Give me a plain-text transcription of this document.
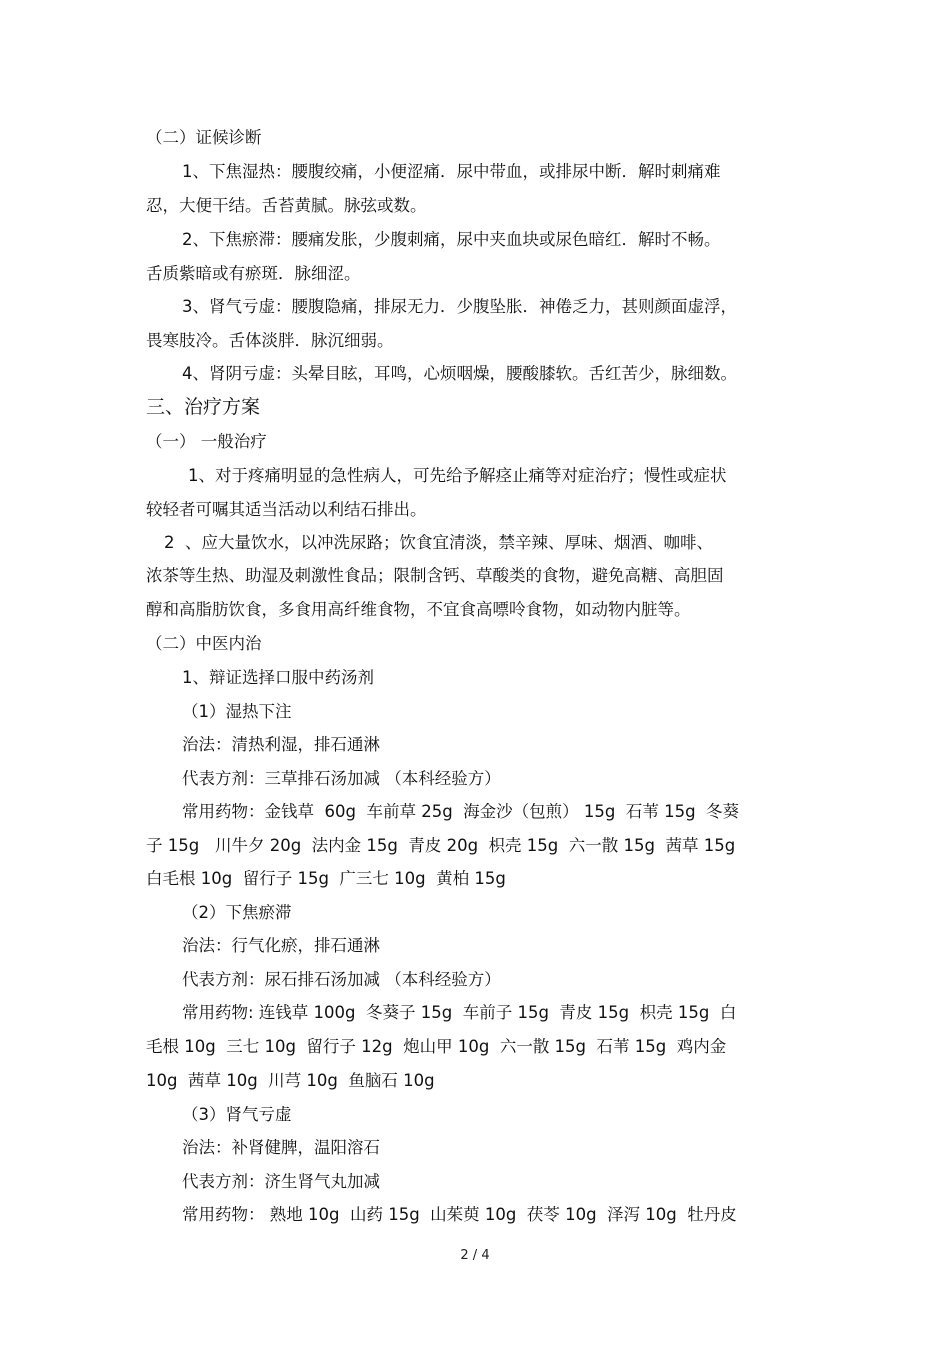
（二）证候诊断
1、下焦湿热：腰腹绞痛，小便涩痛．尿中带血，或排尿中断．解时刺痛难
忍，大便干结。舌苔黄腻。脉弦或数。
2、下焦瘀滞：腰痛发胀，少腹刺痛，尿中夹血块或尿色暗红．解时不畅。
舌质紫暗或有瘀斑．脉细涩。
3、肾气亏虚：腰腹隐痛，排尿无力．少腹坠胀．神倦乏力，甚则颜面虚浮，
畏寒肢冷。舌体淡胖．脉沉细弱。
4、肾阴亏虚：头晕目眩，耳鸣，心烦咽燥，腰酸膝软。舌红苦少，脉细数。
三、治疗方案
（一） 一般治疗
1、对于疼痛明显的急性病人，可先给予解痉止痛等对症治疗；慢性或症状
较轻者可嘱其适当活动以利结石排出。
2  、应大量饮水，以冲洗尿路；饮食宜清淡，禁辛辣、厚味、烟酒、咖啡、
浓茶等生热、助湿及刺激性食品；限制含钙、草酸类的食物，避免高糖、高胆固
醇和高脂肪饮食，多食用高纤维食物，不宜食高嘌呤食物，如动物内脏等。
（二）中医内治
1、辩证选择口服中药汤剂
（1）湿热下注
治法：清热利湿，排石通淋
代表方剂：三草排石汤加减 （本科经验方）
常用药物：金钱草  60g  车前草 25g  海金沙（包煎） 15g  石苇 15g  冬葵
子 15g   川牛夕 20g  法内金 15g  青皮 20g  枳壳 15g  六一散 15g  茜草 15g
白毛根 10g  留行子 15g  广三七 10g  黄柏 15g
（2）下焦瘀滞
治法：行气化瘀，排石通淋
代表方剂：尿石排石汤加减 （本科经验方）
常用药物: 连钱草 100g  冬葵子 15g  车前子 15g  青皮 15g  枳壳 15g  白
毛根 10g  三七 10g  留行子 12g  炮山甲 10g  六一散 15g  石苇 15g  鸡内金
10g  茜草 10g  川芎 10g  鱼脑石 10g
（3）肾气亏虚
治法：补肾健脾，温阳溶石
代表方剂：济生肾气丸加减
常用药物： 熟地 10g  山药 15g  山茱萸 10g  茯苓 10g  泽泻 10g  牡丹皮
2 / 4
